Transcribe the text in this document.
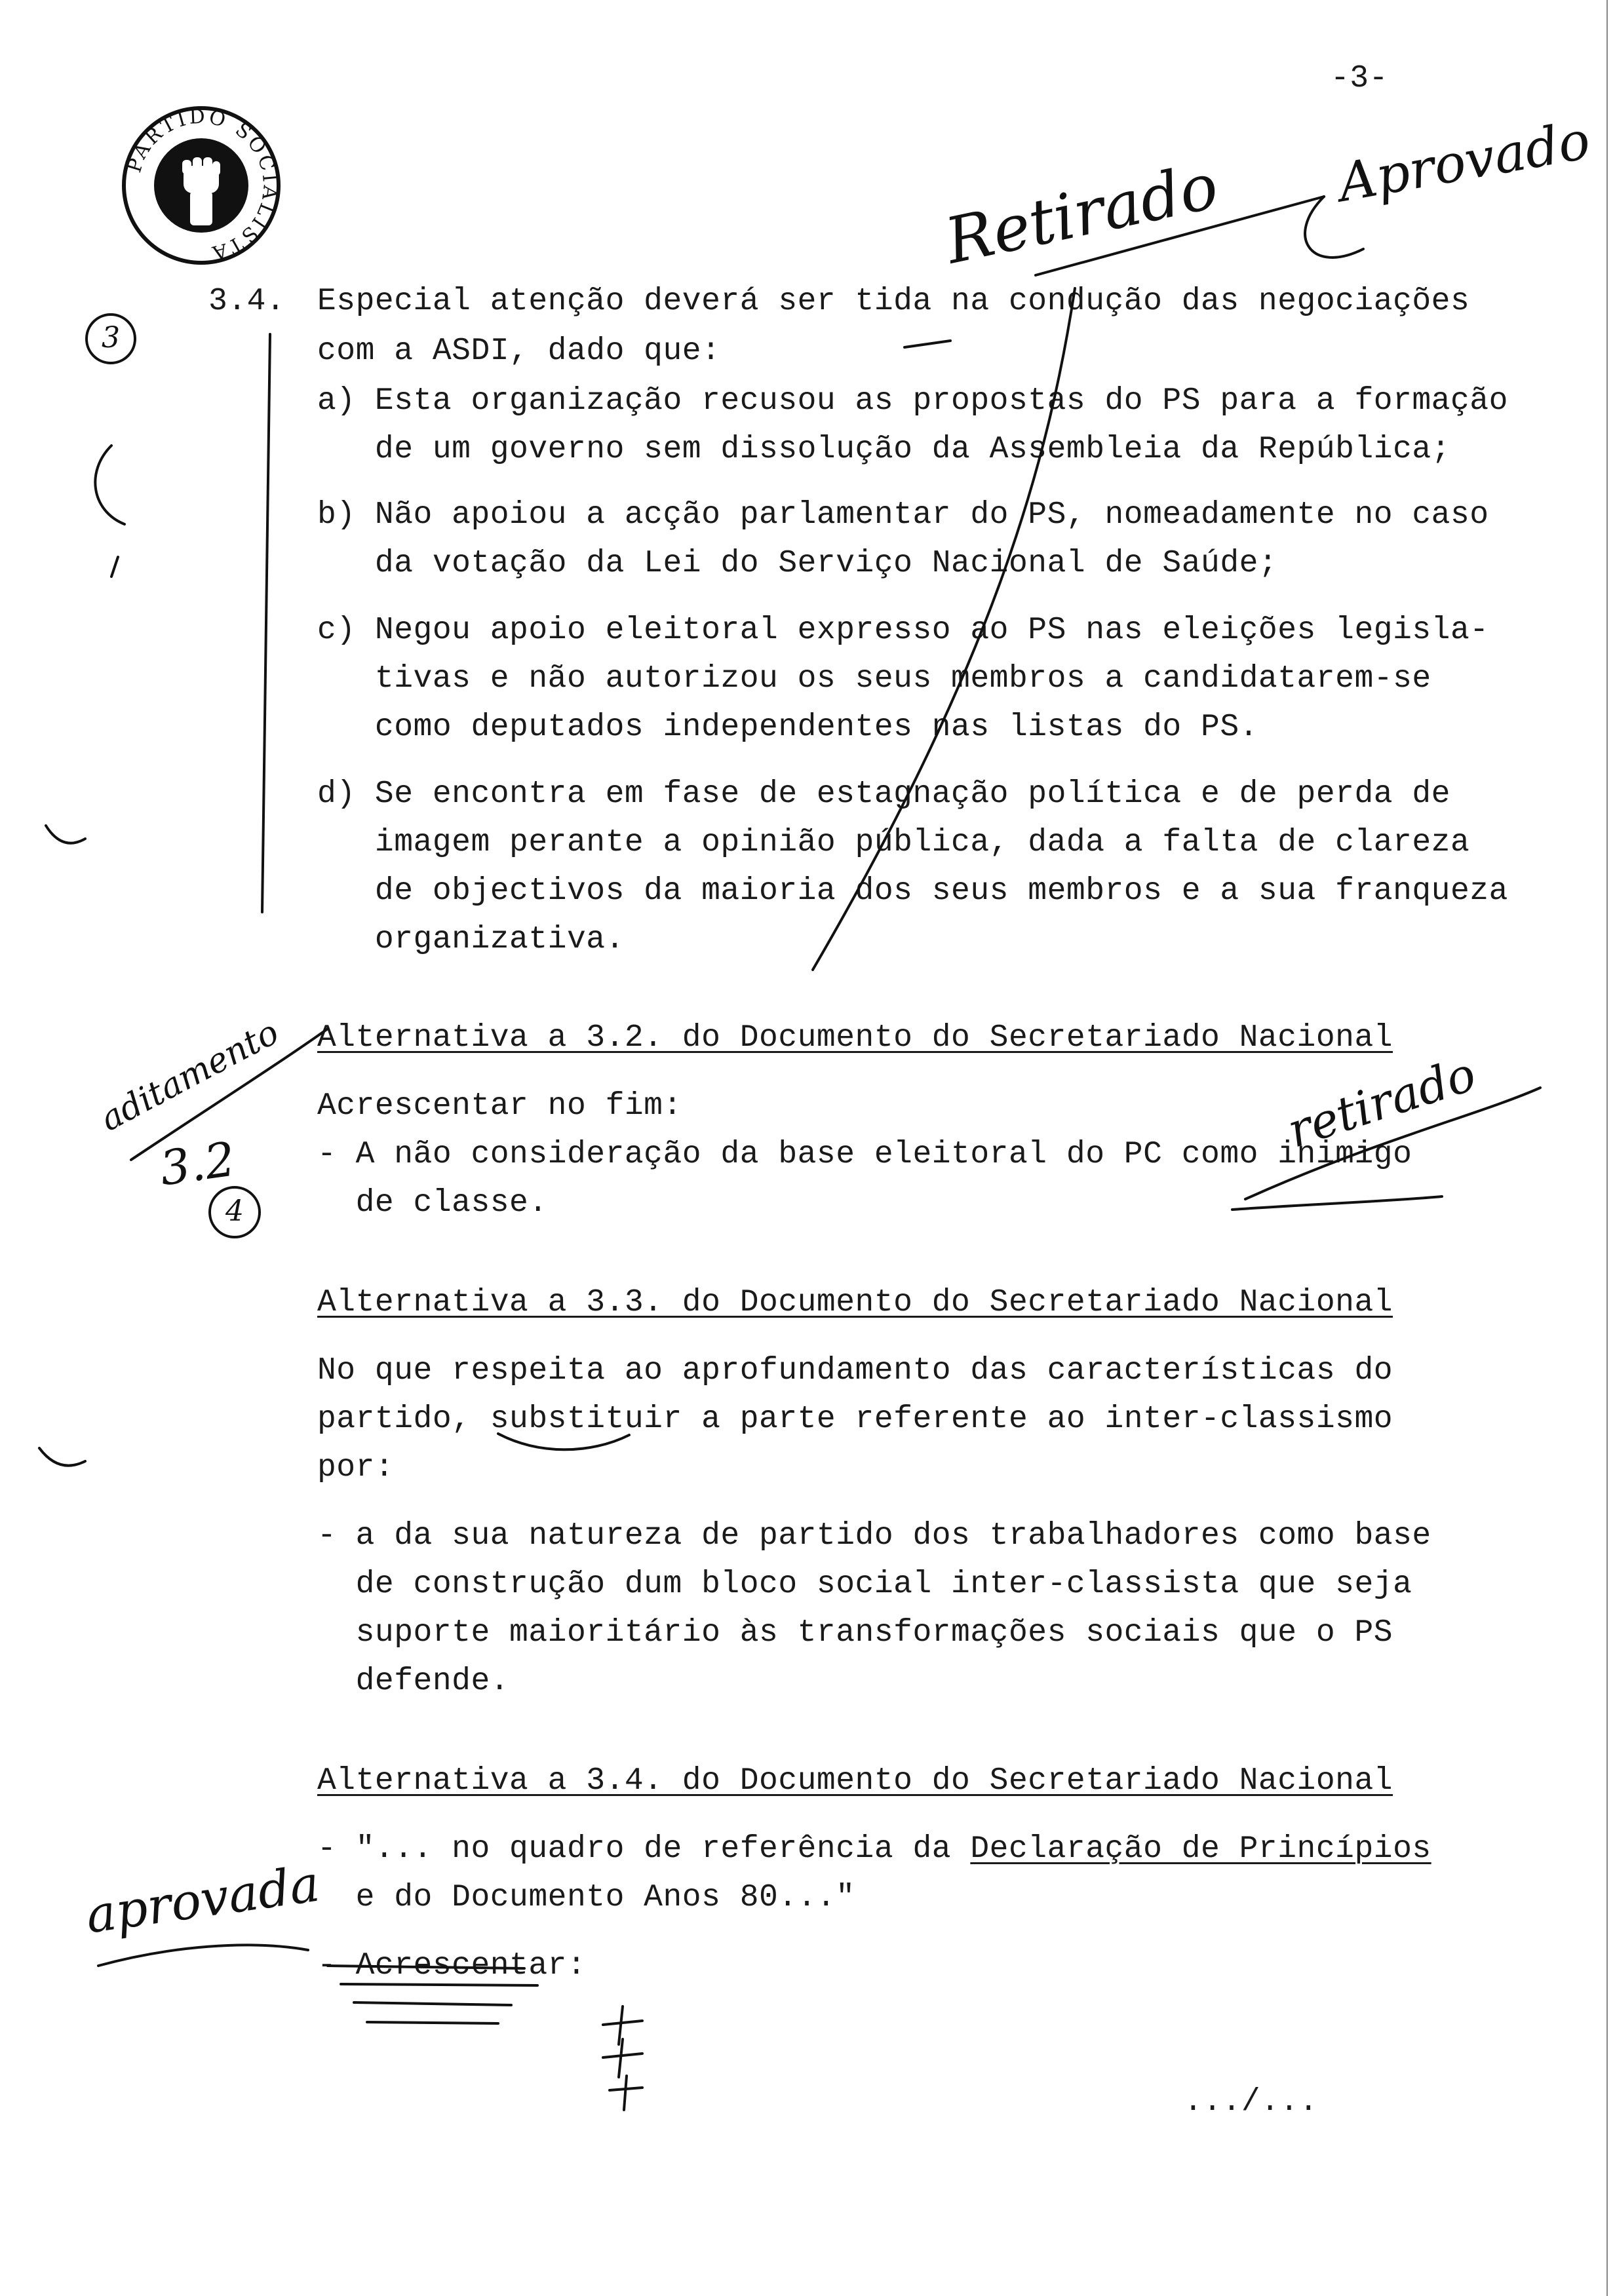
-3-
PARTIDO SOCIALISTA
3.4. Especial atenção deverá ser tida na condução das negociações
com a ASDI, dado que:
a) Esta organização recusou as propostas do PS para a formação
de um governo sem dissolução da Assembleia da República;
b) Não apoiou a acção parlamentar do PS, nomeadamente no caso
da votação da Lei do Serviço Nacional de Saúde;
c) Negou apoio eleitoral expresso ao PS nas eleições legisla-
tivas e não autorizou os seus membros a candidatarem-se
como deputados independentes nas listas do PS.
d) Se encontra em fase de estagnação política e de perda de
imagem perante a opinião pública, dada a falta de clareza
de objectivos da maioria dos seus membros e a sua franqueza
organizativa.
Alternativa a 3.2. do Documento do Secretariado Nacional
Acrescentar no fim:
- A não consideração da base eleitoral do PC como inimigo
de classe.
Alternativa a 3.3. do Documento do Secretariado Nacional
No que respeita ao aprofundamento das características do
partido, substituir a parte referente ao inter-classismo
por:
- a da sua natureza de partido dos trabalhadores como base
de construção dum bloco social inter-classista que seja
suporte maioritário às transformações sociais que o PS
defende.
Alternativa a 3.4. do Documento do Secretariado Nacional
- "... no quadro de referência da Declaração de Princípios
e do Documento Anos 80..."
- Acrescentar:
.../...
Retirado Aprovado
aditamento
3.2
retirado
aprovada
3
4
